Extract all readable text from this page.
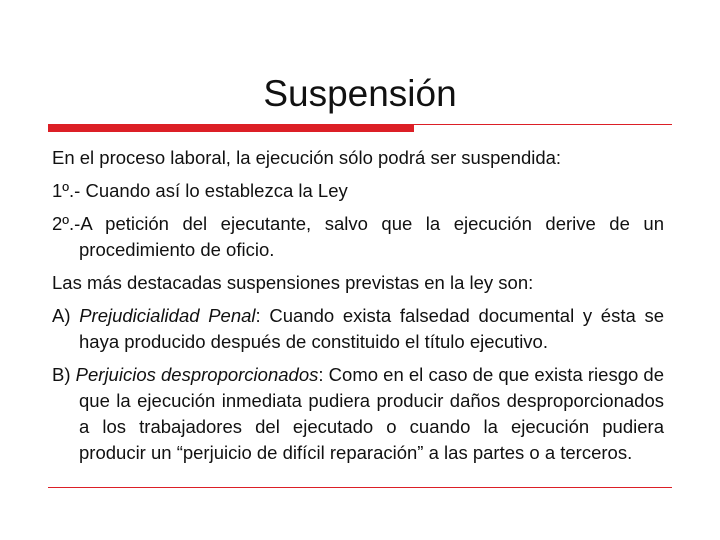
Suspensión

En el proceso laboral, la ejecución sólo podrá ser suspendida:

1º.- Cuando así lo establezca la Ley

2º.-A petición del ejecutante, salvo que la ejecución derive de un procedimiento de oficio.

Las más destacadas suspensiones previstas en la ley son:

A) Prejudicialidad Penal: Cuando exista falsedad documental y ésta se haya producido después de constituido el título ejecutivo.

B) Perjuicios desproporcionados: Como en el caso de que exista riesgo de que la ejecución inmediata pudiera producir daños desproporcionados a los trabajadores del ejecutado o cuando la ejecución pudiera producir un “perjuicio de difícil reparación” a las partes o a terceros.
